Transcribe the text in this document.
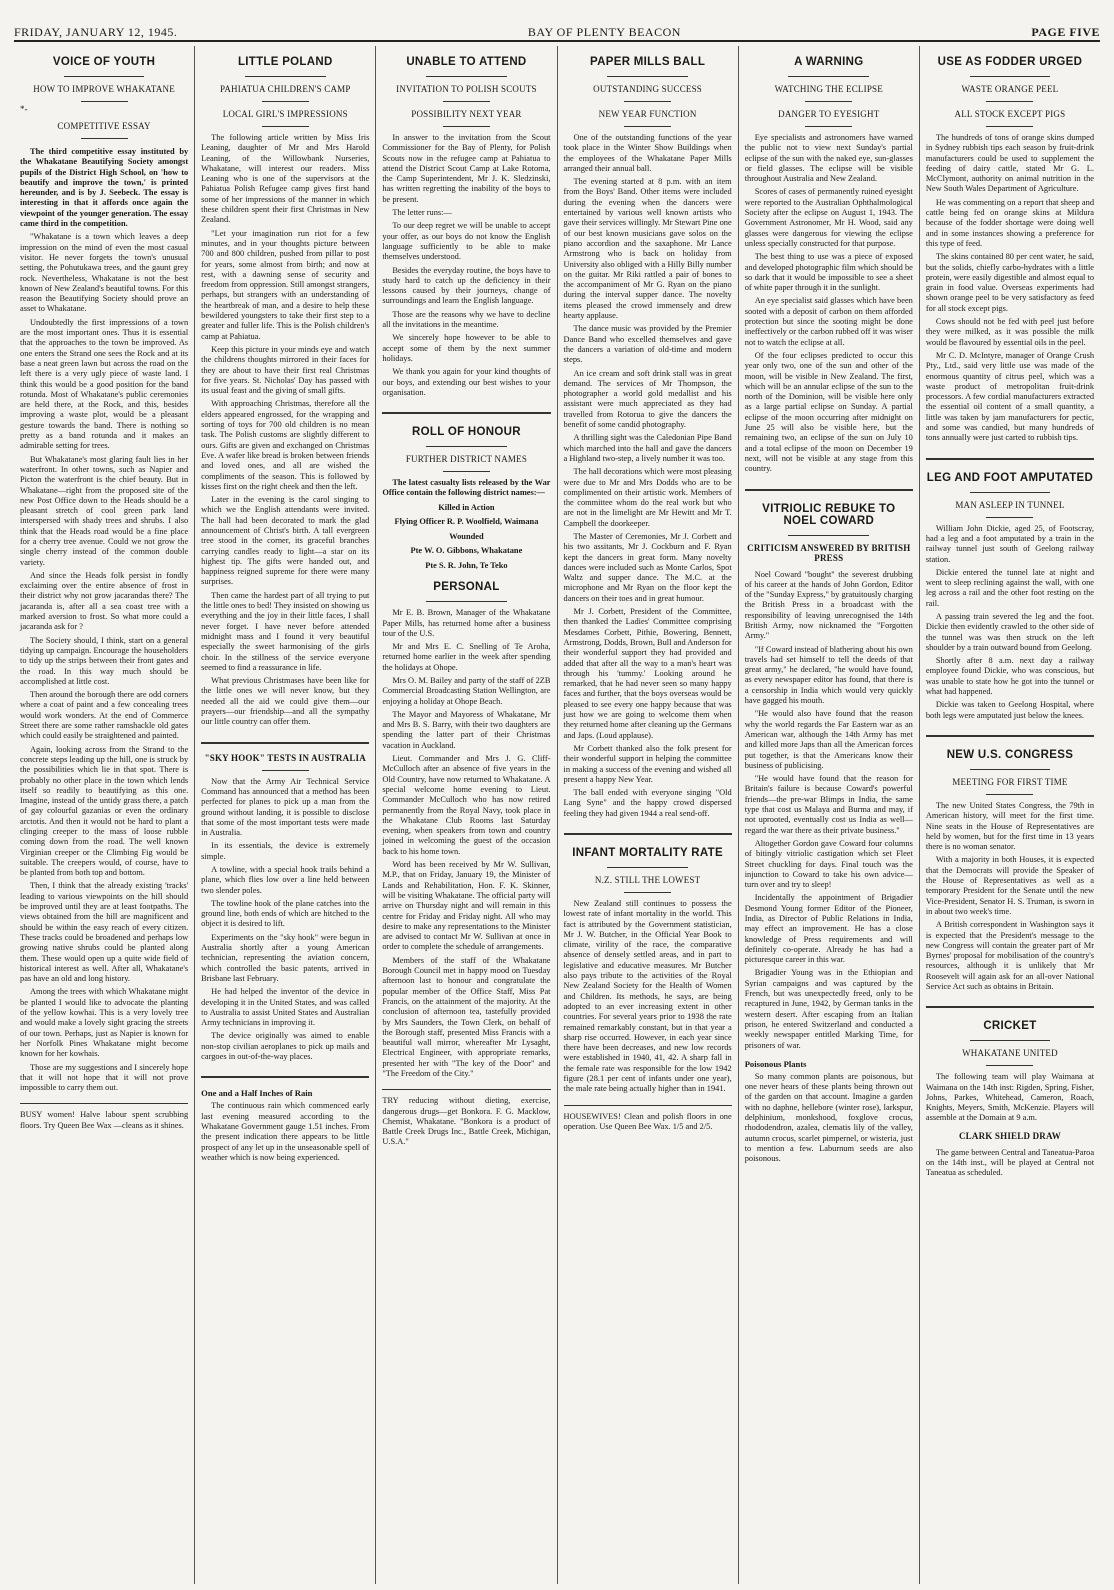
FRIDAY, JANUARY 12, 1945.	BAY OF PLENTY BEACON	PAGE FIVE
VOICE OF YOUTH
HOW TO IMPROVE WHAKATANE
*-
COMPETITIVE ESSAY

The third competitive essay instituted by the Whakatane Beautifying Society amongst pupils of the District High School, on 'how to beautify and improve the town,' is printed hereunder, and is by J. Seebeck. The essay is interesting in that it affords once again the viewpoint of the younger generation. The essay came third in the competition.

"Whakatane is a town which leaves a deep impression on the mind of even the most casual visitor. He never forgets the town's unusual setting, the Pohutukawa trees, and the gaunt grey rock. Nevertheless, Whakatane is not the best known of New Zealand's beautiful towns. For this reason the Beautifying Society should prove an asset to Whakatane.

Undoubtedly the first impressions of a town are the most important ones. Thus it is essential that the approaches to the town be improved. As one enters the Strand one sees the Rock and at its base a neat green lawn but across the road on the left there is a very ugly piece of waste land. I think this would be a good position for the band rotunda. Most of Whakatane's public ceremonies are held there, at the Rock, and this, besides improving a waste plot, would be a pleasant gesture towards the band. There is nothing so pretty as a band rotunda and it makes an admirable setting for trees.

But Whakatane's most glaring fault lies in her waterfront. In other towns, such as Napier and Picton the waterfront is the chief beauty. But in Whakatane—right from the proposed site of the new Post Office down to the Heads should be a pleasant stretch of cool green park land interspersed with shady trees and shrubs. I also think that the Heads road would be a fine place for a cherry tree avenue. Could we not grow the single cherry instead of the common double variety.

And since the Heads folk persist in fondly exclaiming over the entire absence of frost in their district why not grow jacarandas there? The jacaranda is, after all a sea coast tree with a marked aversion to frost. So what more could a jacaranda ask for ?

The Society should, I think, start on a general tidying up campaign. Encourage the householders to tidy up the strips between their front gates and the road. In this way much should be accomplished at little cost.

Then around the borough there are odd corners where a coat of paint and a few concealing trees would work wonders. At the end of Commerce Street there are some rather ramshackle old gates which could easily be straightened and painted.

Again, looking across from the Strand to the concrete steps leading up the hill, one is struck by the possibilities which lie in that spot. There is probably no other place in the town which lends itself so readily to beautifying as this one. Imagine, instead of the untidy grass there, a patch of gay colourful gazanias or even the ordinary arctotis. And then it would not be hard to plant a clinging creeper to the mass of loose rubble coming down from the road. The well known Virginian creeper or the Climbing Fig would be suitable. The creepers would, of course, have to be planted from both top and bottom.

Then, I think that the already existing 'tracks' leading to various viewpoints on the hill should be improved until they are at least footpaths. The views obtained from the hill are magnificent and should be within the easy reach of every citizen. These tracks could be broadened and perhaps low growing native shrubs could be planted along them. These would open up a quite wide field of historical interest as well. After all, Whakatane's pas have an old and long history.

Among the trees with which Whakatane might be planted I would like to advocate the planting of the yellow kowhai. This is a very lovely tree and would make a lovely sight gracing the streets of our town. Perhaps, just as Napier is known for her Norfolk Pines Whakatane might become known for her kowhais.

Those are my suggestions and I sincerely hope that it will not hope that it will not prove impossible to carry them out.

BUSY women! Halve labour spent scrubbing floors. Try Queen Bee Wax —cleans as it shines.
LITTLE POLAND
PAHIATUA CHILDREN'S CAMP
LOCAL GIRL'S IMPRESSIONS

The following article written by Miss Iris Leaning, daughter of Mr and Mrs Harold Leaning, of the Willowbank Nurseries, Whakatane, will interest our readers. Miss Leaning who is one of the supervisors at the Pahiatua Polish Refugee camp gives first hand some of her impressions of the manner in which these children spent their first Christmas in New Zealand.

"Let your imagination run riot for a few minutes, and in your thoughts picture between 700 and 800 children, pushed from pillar to post for years, some almost from birth; and now at rest, with a dawning sense of security and freedom from oppression. Still amongst strangers, perhaps, but strangers with an understanding of the heartbreak of man, and a desire to help these bewildered youngsters to take their first step to a greater and fuller life. This is the Polish children's camp at Pahiatua.

Keep this picture in your minds eye and watch the childrens thoughts mirrored in their faces for they are about to have their first real Christmas for five years. St. Nicholas' Day has passed with its usual feast and the giving of small gifts.

With approaching Christmas, therefore all the elders appeared engrossed, for the wrapping and sorting of toys for 700 old children is no mean task. The Polish customs are slightly different to ours. Gifts are given and exchanged on Christmas Eve. A wafer like bread is broken between friends and loved ones, and all are wished the compliments of the season. This is followed by kisses first on the right cheek and then the left.

Later in the evening is the carol singing to which we the English attendants were invited. The hall had been decorated to mark the glad announcement of Christ's birth. A tall evergreen tree stood in the corner, its graceful branches carrying candles ready to light—a star on its highest tip. The gifts were handed out, and happiness reigned supreme for there were many surprises.

Then came the hardest part of all trying to put the little ones to bed! They insisted on showing us everything and the joy in their little faces, I shall never forget. I have never before attended midnight mass and I found it very beautiful especially the sweet harmonising of the girls choir. In the stillness of the service everyone seemed to find a reassurance in life.

What previous Christmases have been like for the little ones we will never know, but they needed all the aid we could give them—our prayers—our friendship—and all the sympathy our little country can offer them.

"SKY HOOK" TESTS IN AUSTRALIA

Now that the Army Air Technical Service Command has announced that a method has been perfected for planes to pick up a man from the ground without landing, it is possible to disclose that some of the most important tests were made in Australia.

In its essentials, the device is extremely simple.

A towline, with a special hook trails behind a plane, which flies low over a line held between two slender poles.

The towline hook of the plane catches into the ground line, both ends of which are hitched to the object it is desired to lift.

Experiments on the "sky hook" were begun in Australia shortly after a young American technician, representing the aviation concern, which controlled the basic patents, arrived in Brisbane last February.

He had helped the inventor of the device in developing it in the United States, and was called to Australia to assist United States and Australian Army technicians in improving it.

The device originally was aimed to enable non-stop civilian aeroplanes to pick up mails and cargoes in out-of-the-way places.

One and a Half Inches of Rain

The continuous rain which commenced early last evening measured according to the Whakatane Government gauge 1.51 inches. From the present indication there appears to be little prospect of any let up in the unseasonable spell of weather which is now being experienced.

UNABLE TO ATTEND
INVITATION TO POLISH SCOUTS
POSSIBILITY NEXT YEAR

In answer to the invitation from the Scout Commissioner for the Bay of Plenty, for Polish Scouts now in the refugee camp at Pahiatua to attend the District Scout Camp at Lake Rotoma, the Camp Superintendent, Mr J. K. Sledzinski, has written regretting the inability of the boys to be present.

The letter runs:—

To our deep regret we will be unable to accept your offer, as our boys do not know the English language sufficiently to be able to make themselves understood.

Besides the everyday routine, the boys have to study hard to catch up the deficiency in their lessons caused by their journeys, change of surroundings and learn the English language.

Those are the reasons why we have to decline all the invitations in the meantime.

We sincerely hope however to be able to accept some of them by the next summer holidays.

We thank you again for your kind thoughts of our boys, and extending our best wishes to your organisation.

ROLL OF HONOUR
FURTHER DISTRICT NAMES

The latest casualty lists released by the War Office contain the following district names:—

Killed in Action
Flying Officer R. P. Woolfield, Waimana
Wounded
Pte W. O. Gibbons, Whakatane
Pte S. R. John, Te Teko
PERSONAL

Mr E. B. Brown, Manager of the Whakatane Paper Mills, has returned home after a business tour of the U.S.

Mr and Mrs E. C. Snelling of Te Aroha, returned home earlier in the week after spending the holidays at Ohope.

Mrs O. M. Bailey and party of the staff of 2ZB Commercial Broadcasting Station Wellington, are enjoying a holiday at Ohope Beach.

The Mayor and Mayoress of Whakatane, Mr and Mrs B. S. Barry, with their two daughters are spending the latter part of their Christmas vacation in Auckland.

Lieut. Commander and Mrs J. G. Cliff-McCulloch after an absence of five years in the Old Country, have now returned to Whakatane. A special welcome home evening to Lieut. Commander McCulloch who has now retired permanently from the Royal Navy, took place in the Whakatane Club Rooms last Saturday evening, when speakers from town and country joined in welcoming the guest of the occasion back to his home town.

Word has been received by Mr W. Sullivan, M.P., that on Friday, January 19, the Minister of Lands and Rehabilitation, Hon. F. K. Skinner, will be visiting Whakatane. The official party will arrive on Thursday night and will remain in this centre for Friday and Friday night. All who may desire to make any representations to the Minister are advised to contact Mr W. Sullivan at once in order to complete the schedule of arrangements.

Members of the staff of the Whakatane Borough Council met in happy mood on Tuesday afternoon last to honour and congratulate the popular member of the Office Staff, Miss Pat Francis, on the attainment of the majority. At the conclusion of afternoon tea, tastefully provided by Mrs Saunders, the Town Clerk, on behalf of the Borough staff, presented Miss Francis with a beautiful wall mirror, whereafter Mr Lysaght, Electrical Engineer, with appropriate remarks, presented her with "The key of the Door" and "The Freedom of the City."

TRY reducing without dieting, exercise, dangerous drugs—get Bonkora. F. G. Macklow, Chemist, Whakatane. "Bonkora is a product of Battle Creek Drugs Inc., Battle Creek, Michigan, U.S.A."
PAPER MILLS BALL
OUTSTANDING SUCCESS
NEW YEAR FUNCTION

One of the outstanding functions of the year took place in the Winter Show Buildings when the employees of the Whakatane Paper Mills arranged their annual ball.

The evening started at 8 p.m. with an item from the Boys' Band. Other items were included during the evening when the dancers were entertained by various well known artists who gave their services willingly. Mr Stewart Pine one of our best known musicians gave solos on the piano accordion and the saxaphone. Mr Lance Armstrong who is back on holiday from University also obliged with a Hilly Billy number on the guitar. Mr Riki rattled a pair of bones to the accompaniment of Mr G. Ryan on the piano during the interval supper dance. The novelty items pleased the crowd immensely and drew hearty applause.

The dance music was provided by the Premier Dance Band who excelled themselves and gave the dancers a variation of old-time and modern steps.

An ice cream and soft drink stall was in great demand. The services of Mr Thompson, the photographer a world gold medallist and his assistant were much appreciated as they had travelled from Rotorua to give the dancers the benefit of some candid photography.

A thrilling sight was the Caledonian Pipe Band which marched into the hall and gave the dancers a Highland two-step, a lively number it was too.

The hall decorations which were most pleasing were due to Mr and Mrs Dodds who are to be complimented on their artistic work. Members of the committee whom do the real work but who are not in the limelight are Mr Hewitt and Mr T. Campbell the doorkeeper.

The Master of Ceremonies, Mr J. Corbett and his two assitants, Mr J. Cockburn and F. Ryan kept the dancers in great form. Many novelty dances were included such as Monte Carlos, Spot Waltz and supper dance. The M.C. at the microphone and Mr Ryan on the floor kept the dancers on their toes and in great humour.

Mr J. Corbett, President of the Committee, then thanked the Ladies' Committee comprising Mesdames Corbett, Pithie, Bowering, Bennett, Armstrong, Dodds, Brown, Bull and Anderson for their wonderful support they had provided and added that after all the way to a man's heart was through his 'tummy.' Looking around he remarked, that he had never seen so many happy faces and further, that the boys overseas would be pleased to see every one happy because that was just how we are going to welcome them when they returned home after cleaning up the Germans and Japs. (Loud applause).

Mr Corbett thanked also the folk present for their wonderful support in helping the committee in making a success of the evening and wished all present a happy New Year.

The ball ended with everyone singing "Old Lang Syne" and the happy crowd dispersed feeling they had given 1944 a real send-off.

INFANT MORTALITY RATE
N.Z. STILL THE LOWEST

New Zealand still continues to possess the lowest rate of infant mortality in the world. This fact is attributed by the Government statistician, Mr J. W. Butcher, in the Official Year Book to climate, virility of the race, the comparative absence of densely settled areas, and in part to legislative and educative measures. Mr Butcher also pays tribute to the activities of the Royal New Zealand Society for the Health of Women and Children. Its methods, he says, are being adopted to an ever increasing extent in other countries. For several years prior to 1938 the rate remained remarkably constant, but in that year a sharp rise occurred. However, in each year since there have been decreases, and new low records were established in 1940, 41, 42. A sharp fall in the female rate was responsible for the low 1942 figure (28.1 per cent of infants under one year), the male rate being actually higher than in 1941.

HOUSEWIVES! Clean and polish floors in one operation. Use Queen Bee Wax. 1/5 and 2/5.
A WARNING
WATCHING THE ECLIPSE
DANGER TO EYESIGHT

Eye specialists and astronomers have warned the public not to view next Sunday's partial eclipse of the sun with the naked eye, sun-glasses or field glasses. The eclipse will be visible throughout Australia and New Zealand.

Scores of cases of permanently ruined eyesight were reported to the Australian Ophthalmological Society after the eclipse on August 1, 1943. The Government Astronomer, Mr H. Wood, said any glasses were dangerous for viewing the eclipse unless specially constructed for that purpose.

The best thing to use was a piece of exposed and developed photographic film which should be so dark that it would be impossible to see a sheet of white paper through it in the sunlight.

An eye specialist said glasses which have been sooted with a deposit of carbon on them afforded protection but since the sooting might be done ineffectively or the carbon rubbed off it was wiser not to watch the eclipse at all.

Of the four eclipses predicted to occur this year only two, one of the sun and other of the moon, will be visible in New Zealand. The first, which will be an annular eclipse of the sun to the north of the Dominion, will be visible here only as a large partial eclipse on Sunday. A partial eclipse of the moon occurring after midnight on June 25 will also be visible here, but the remaining two, an eclipse of the sun on July 10 and a total eclipse of the moon on December 19 next, will not be visible at any stage from this country.

VITRIOLIC REBUKE TO NOEL COWARD
CRITICISM ANSWERED BY BRITISH PRESS

Noel Coward "bought" the severest drubbing of his career at the hands of John Gordon, Editor of the "Sunday Express," by gratuitously charging the British Press in a broadcast with the responsibility of leaving unrecognised the 14th British Army, now nicknamed the "Forgotten Army."

"If Coward instead of blathering about his own travels had set himself to tell the deeds of that great army," he declared, "he would have found, as every newspaper editor has found, that there is a censorship in India which would very quickly have gagged his mouth.

"He would also have found that the reason why the world regards the Far Eastern war as an American war, although the 14th Army has met and killed more Japs than all the American forces put together, is that the Americans know their business of publicising.

"He would have found that the reason for Britain's failure is because Coward's powerful friends—the pre-war Blimps in India, the same type that cost us Malaya and Burma and may, if not uprooted, eventually cost us India as well—regard the war there as their private business."

Altogether Gordon gave Coward four columns of bitingly vitriolic castigation which set Fleet Street chuckling for days. Final touch was the injunction to Coward to take his own advice—turn over and try to sleep!

Incidentally the appointment of Brigadier Desmond Young former Editor of the Pioneer, India, as Director of Public Relations in India, may effect an improvement. He has a close knowledge of Press requirements and will definitely co-operate. Already he has had a picturesque career in this war.

Brigadier Young was in the Ethiopian and Syrian campaigns and was captured by the French, but was unexpectedly freed, only to be recaptured in June, 1942, by German tanks in the western desert. After escaping from an Italian prison, he entered Switzerland and conducted a weekly newspaper entitled Marking Time, for prisoners of war.

Poisonous Plants

So many common plants are poisonous, but one never hears of these plants being thrown out of the garden on that account. Imagine a garden with no daphne, hellebore (winter rose), larkspur, delphinium, monkshood, foxglove crocus, rhododendron, azalea, clematis lily of the valley, autumn crocus, scarlet pimpernel, or wisteria, just to mention a few. Laburnum seeds are also poisonous.

USE AS FODDER URGED
WASTE ORANGE PEEL
ALL STOCK EXCEPT PIGS

The hundreds of tons of orange skins dumped in Sydney rubbish tips each season by fruit-drink manufacturers could be used to supplement the feeding of dairy cattle, stated Mr G. L. McClymont, authority on animal nutrition in the New South Wales Department of Agriculture.

He was commenting on a report that sheep and cattle being fed on orange skins at Mildura because of the fodder shortage were doing well and in some instances showing a preference for this type of feed.

The skins contained 80 per cent water, he said, but the solids, chiefly carbo-hydrates with a little protein, were easily digestible and almost equal to grain in food value. Overseas experiments had shown orange peel to be very satisfactory as feed for all stock except pigs.

Cows should not be fed with peel just before they were milked, as it was possible the milk would be flavoured by essential oils in the peel.

Mr C. D. McIntyre, manager of Orange Crush Pty., Ltd., said very little use was made of the enormous quantity of citrus peel, which was a waste product of metropolitan fruit-drink processors. A few cordial manufacturers extracted the essential oil content of a small quantity, a little was taken by jam manufacturers for pectic, and some was candied, but many hundreds of tons annually were just carted to rubbish tips.

LEG AND FOOT AMPUTATED
MAN ASLEEP IN TUNNEL

William John Dickie, aged 25, of Footscray, had a leg and a foot amputated by a train in the railway tunnel just south of Geelong railway station.

Dickie entered the tunnel late at night and went to sleep reclining against the wall, with one leg across a rail and the other foot resting on the rail.

A passing train severed the leg and the foot. Dickie then evidently crawled to the other side of the tunnel was was then struck on the left shoulder by a train outward bound from Geelong.

Shortly after 8 a.m. next day a railway employee found Dickie, who was conscious, but was unable to state how he got into the tunnel or what had happened.

Dickie was taken to Geelong Hospital, where both legs were amputated just below the knees.

NEW U.S. CONGRESS
MEETING FOR FIRST TIME

The new United States Congress, the 79th in American history, will meet for the first time. Nine seats in the House of Representatives are held by women, but for the first time in 13 years there is no woman senator.

With a majority in both Houses, it is expected that the Democrats will provide the Speaker of the House of Representatives as well as a temporary President for the Senate until the new Vice-President, Senator H. S. Truman, is sworn in in about two week's time.

A British correspondent in Washington says it is expected that the President's message to the new Congress will contain the greater part of Mr Byrnes' proposal for mobilisation of the country's resources, although it is unlikely that Mr Roosevelt will again ask for an all-over National Service Act such as obtains in Britain.

CRICKET
WHAKATANE UNITED

The following team will play Waimana at Waimana on the 14th inst: Rigden, Spring, Fisher, Johns, Parkes, Whitehead, Cameron, Roach, Knights, Meyers, Smith, McKenzie. Players will assemble at the Domain at 9 a.m.

CLARK SHIELD DRAW

The game between Central and Taneatua-Paroa on the 14th inst., will be played at Central not Taneatua as scheduled.
